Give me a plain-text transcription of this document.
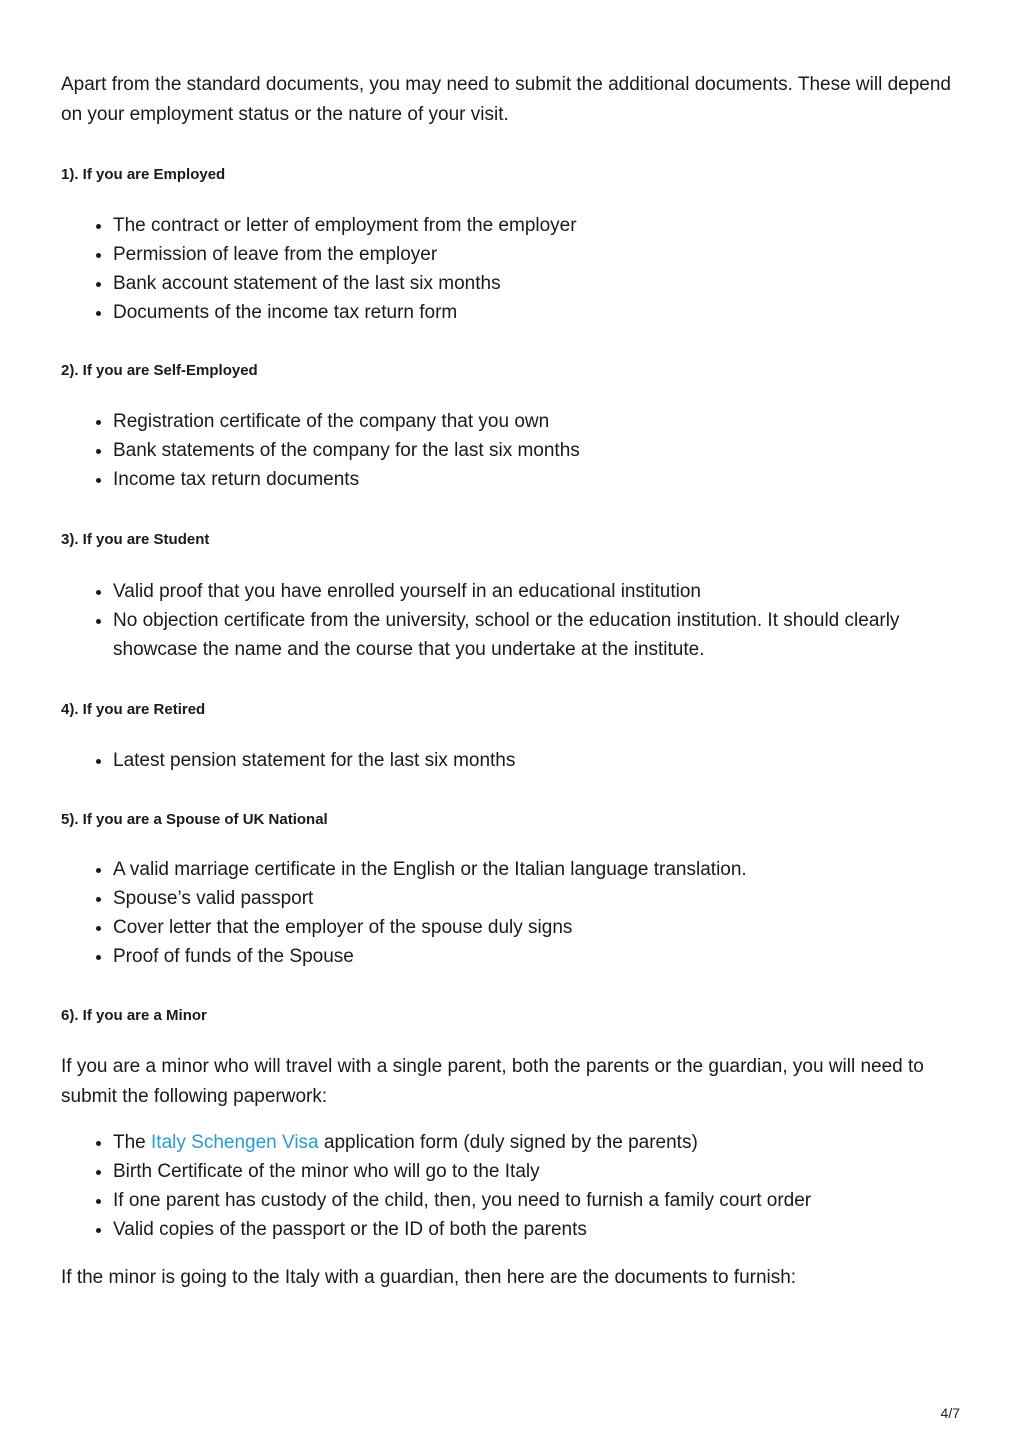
Apart from the standard documents, you may need to submit the additional documents. These will depend on your employment status or the nature of your visit.

1). If you are Employed
• The contract or letter of employment from the employer
• Permission of leave from the employer
• Bank account statement of the last six months
• Documents of the income tax return form
2). If you are Self-Employed
• Registration certificate of the company that you own
• Bank statements of the company for the last six months
• Income tax return documents
3). If you are Student
• Valid proof that you have enrolled yourself in an educational institution
• No objection certificate from the university, school or the education institution. It should clearly showcase the name and the course that you undertake at the institute.
4). If you are Retired
• Latest pension statement for the last six months
5). If you are a Spouse of UK National
• A valid marriage certificate in the English or the Italian language translation.
• Spouse’s valid passport
• Cover letter that the employer of the spouse duly signs
• Proof of funds of the Spouse
6). If you are a Minor

If you are a minor who will travel with a single parent, both the parents or the guardian, you will need to submit the following paperwork:

• The Italy Schengen Visa application form (duly signed by the parents)
• Birth Certificate of the minor who will go to the Italy
• If one parent has custody of the child, then, you need to furnish a family court order
• Valid copies of the passport or the ID of both the parents

If the minor is going to the Italy with a guardian, then here are the documents to furnish:

4/7
